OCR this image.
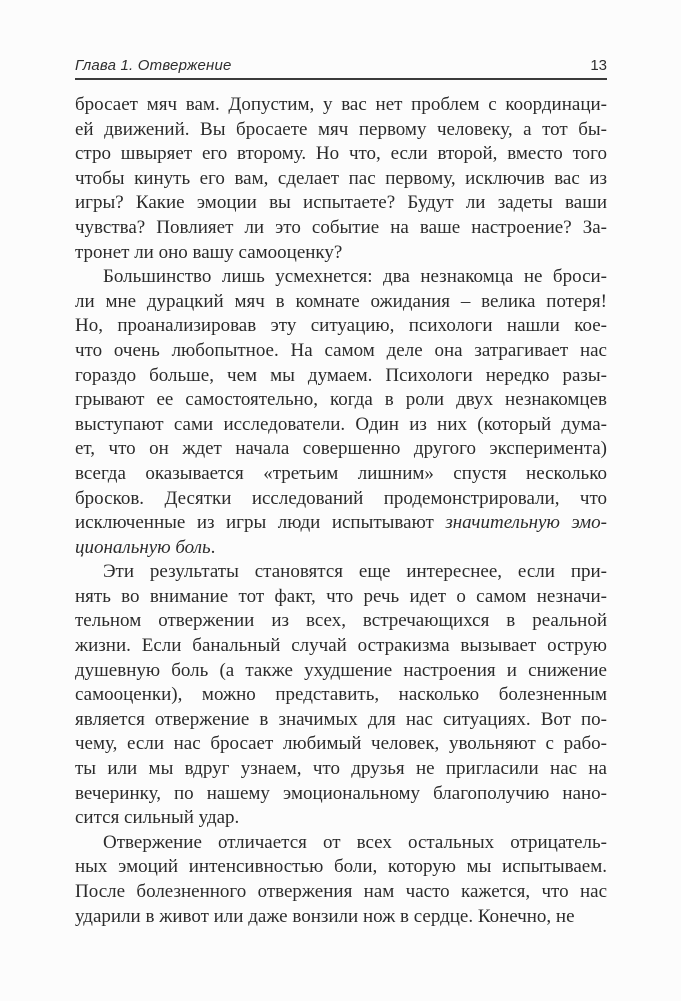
Глава 1. Отвержение	13
бросает мяч вам. Допустим, у вас нет проблем с координаци-
ей движений. Вы бросаете мяч первому человеку, а тот бы-
стро швыряет его второму. Но что, если второй, вместо того
чтобы кинуть его вам, сделает пас первому, исключив вас из
игры? Какие эмоции вы испытаете? Будут ли задеты ваши
чувства? Повлияет ли это событие на ваше настроение? За-
тронет ли оно вашу самооценку?
Большинство лишь усмехнется: два незнакомца не броси-
ли мне дурацкий мяч в комнате ожидания – велика потеря!
Но, проанализировав эту ситуацию, психологи нашли кое-
что очень любопытное. На самом деле она затрагивает нас
гораздо больше, чем мы думаем. Психологи нередко разы-
грывают ее самостоятельно, когда в роли двух незнакомцев
выступают сами исследователи. Один из них (который дума-
ет, что он ждет начала совершенно другого эксперимента)
всегда оказывается «третьим лишним» спустя несколько
бросков. Десятки исследований продемонстрировали, что
исключенные из игры люди испытывают значительную эмо-
циональную боль.
Эти результаты становятся еще интереснее, если при-
нять во внимание тот факт, что речь идет о самом незначи-
тельном отвержении из всех, встречающихся в реальной
жизни. Если банальный случай остракизма вызывает острую
душевную боль (а также ухудшение настроения и снижение
самооценки), можно представить, насколько болезненным
является отвержение в значимых для нас ситуациях. Вот по-
чему, если нас бросает любимый человек, увольняют с рабо-
ты или мы вдруг узнаем, что друзья не пригласили нас на
вечеринку, по нашему эмоциональному благополучию нано-
сится сильный удар.
Отвержение отличается от всех остальных отрицатель-
ных эмоций интенсивностью боли, которую мы испытываем.
После болезненного отвержения нам часто кажется, что нас
ударили в живот или даже вонзили нож в сердце. Конечно, не
